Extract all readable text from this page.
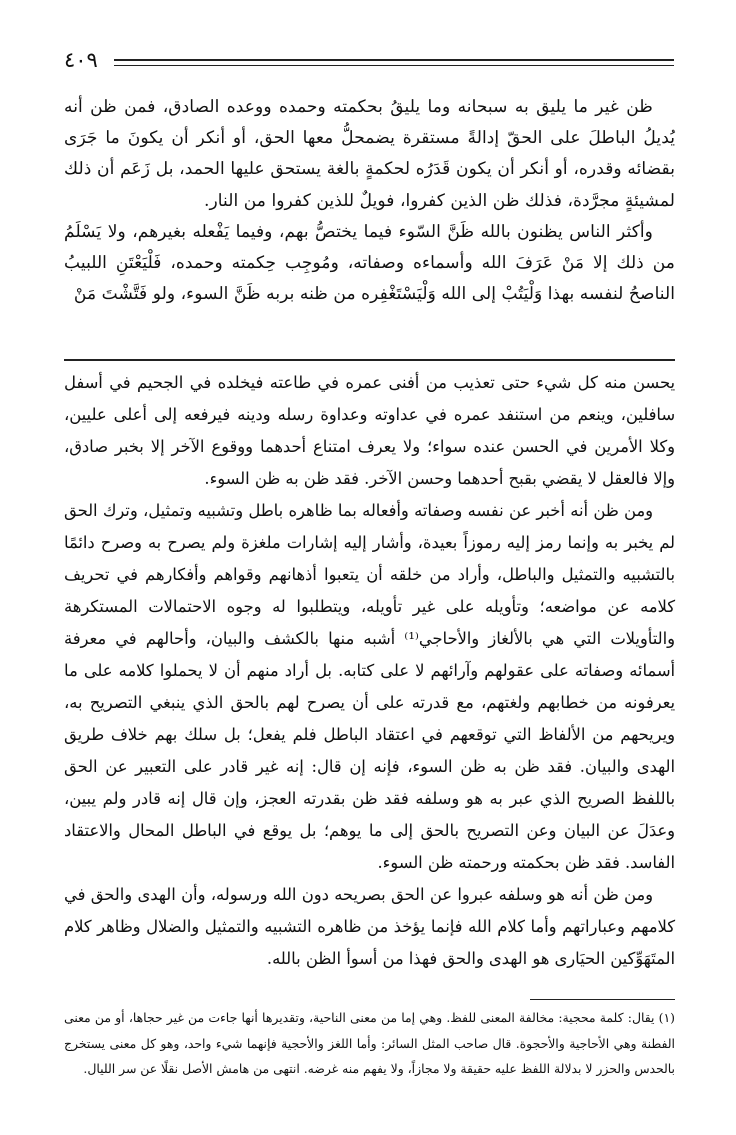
٤٠٩

ظن غير ما يليق به سبحانه وما يليقُ بحكمته وحمده ووعده الصادق، فمن ظن أنه يُديلُ الباطلَ على الحقّ إدالةً مستقرة يضمحلُّ معها الحق، أو أنكر أن يكونَ ما جَرَى بقضائه وقدره، أو أنكر أن يكون قَدَرُه لحكمةٍ بالغة يستحق عليها الحمد، بل زَعَم أن ذلك لمشيئةٍ مجرَّدة، فذلك ظن الذين كفروا، فويلٌ للذين كفروا من النار.

وأكثر الناس يظنون بالله ظَنَّ السّوء فيما يختصُّ بهم، وفيما يَفْعله بغيرهم، ولا يَسْلَمُ من ذلك إلا مَنْ عَرَفَ الله وأسماءه وصفاته، ومُوجِب حِكمته وحمده، فَلْيَعْتَنِ اللبيبُ الناصحُ لنفسه بهذا وَلْيَتُبْ إلى الله وَلْيَسْتَغْفِره من ظنه بربه ظَنَّ السوء، ولو فَتَّشْتَ مَنْ

يحسن منه كل شيء حتى تعذيب من أفنى عمره في طاعته فيخلده في الجحيم في أسفل سافلين، وينعم من استنفد عمره في عداوته وعداوة رسله ودينه فيرفعه إلى أعلى عليين، وكلا الأمرين في الحسن عنده سواء؛ ولا يعرف امتناع أحدهما ووقوع الآخر إلا بخبر صادق، وإلا فالعقل لا يقضي بقبح أحدهما وحسن الآخر. فقد ظن به ظن السوء.

ومن ظن أنه أخبر عن نفسه وصفاته وأفعاله بما ظاهره باطل وتشبيه وتمثيل، وترك الحق لم يخبر به وإنما رمز إليه رموزاً بعيدة، وأشار إليه إشارات ملغزة ولم يصرح به وصرح دائمًا بالتشبيه والتمثيل والباطل، وأراد من خلقه أن يتعبوا أذهانهم وقواهم وأفكارهم في تحريف كلامه عن مواضعه؛ وتأويله على غير تأويله، ويتطلبوا له وجوه الاحتمالات المستكرهة والتأويلات التي هي بالألغاز والأحاجي⁽¹⁾ أشبه منها بالكشف والبيان، وأحالهم في معرفة أسمائه وصفاته على عقولهم وآرائهم لا على كتابه. بل أراد منهم أن لا يحملوا كلامه على ما يعرفونه من خطابهم ولغتهم، مع قدرته على أن يصرح لهم بالحق الذي ينبغي التصريح به، ويريحهم من الألفاظ التي توقعهم في اعتقاد الباطل فلم يفعل؛ بل سلك بهم خلاف طريق الهدى والبيان. فقد ظن به ظن السوء، فإنه إن قال: إنه غير قادر على التعبير عن الحق باللفظ الصريح الذي عبر به هو وسلفه فقد ظن بقدرته العجز، وإن قال إنه قادر ولم يبين، وعدَلَ عن البيان وعن التصريح بالحق إلى ما يوهم؛ بل يوقع في الباطل المحال والاعتقاد الفاسد. فقد ظن بحكمته ورحمته ظن السوء.

ومن ظن أنه هو وسلفه عبروا عن الحق بصريحه دون الله ورسوله، وأن الهدى والحق في كلامهم وعباراتهم وأما كلام الله فإنما يؤخذ من ظاهره التشبيه والتمثيل والضلال وظاهر كلام المتَهَوِّكين الحيَارى هو الهدى والحق فهذا من أسوأ الظن بالله.

(١) يقال: كلمة محجية: مخالفة المعنى للفظ. وهي إما من معنى الناحية، وتقديرها أنها جاءت من غير حجاها، أو من معنى الفطنة وهي الأحاجية والأحجوة. قال صاحب المثل السائر: وأما اللغز والأحجية فإنهما شيء واحد، وهو كل معنى يستخرج بالحدس والحزر لا بدلالة اللفظ عليه حقيقة ولا مجازاً، ولا يفهم منه غرضه. انتهى من هامش الأصل نقلًا عن سر الليال.
